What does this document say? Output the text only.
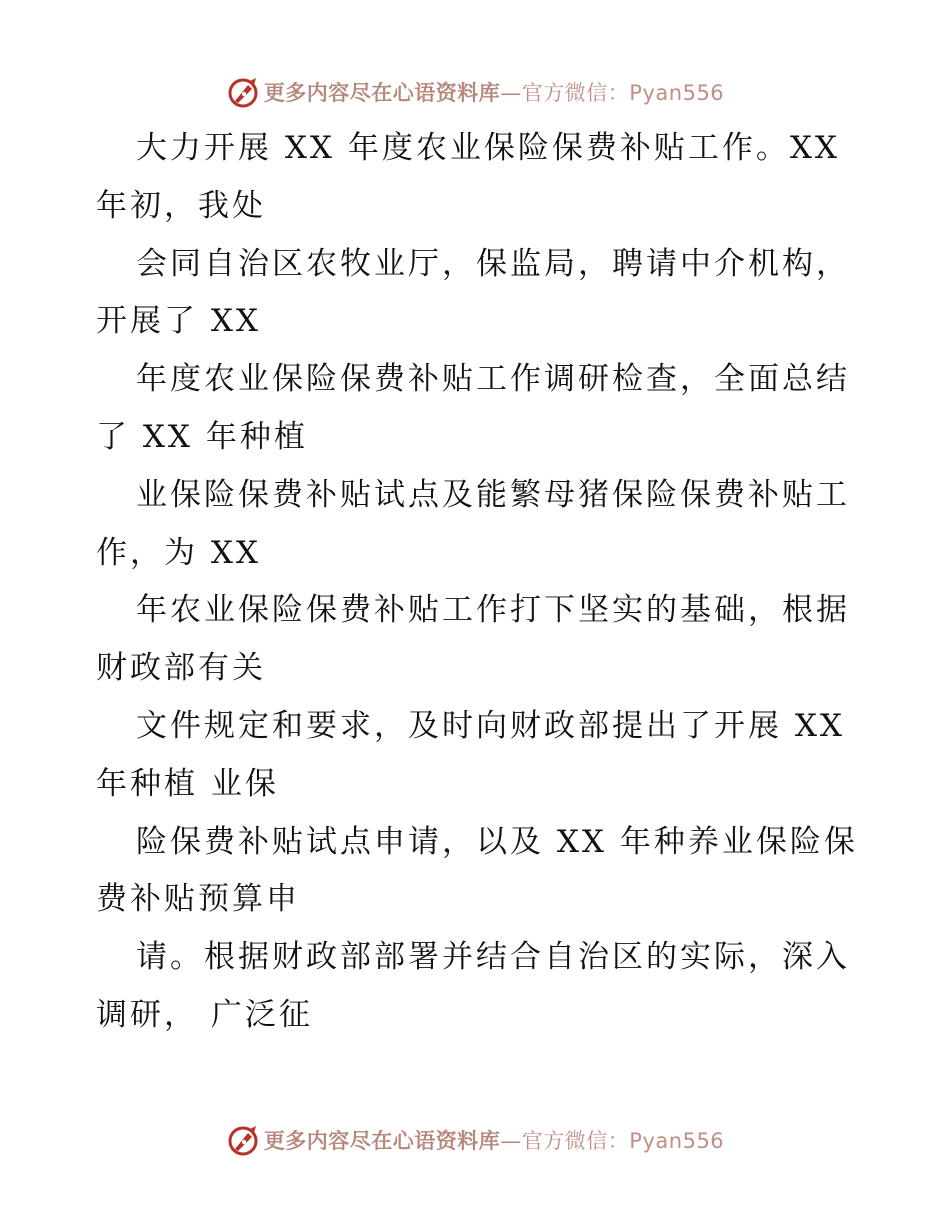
更多内容尽在心语资料库—官方微信：Pyan556
大力开展 XX 年度农业保险保费补贴工作。XX
年初，我处
会同自治区农牧业厅，保监局，聘请中介机构，
开展了 XX
年度农业保险保费补贴工作调研检查，全面总结
了 XX 年种植
业保险保费补贴试点及能繁母猪保险保费补贴工
作，为 XX
年农业保险保费补贴工作打下坚实的基础，根据
财政部有关
文件规定和要求，及时向财政部提出了开展 XX
年种植 业保
险保费补贴试点申请，以及 XX 年种养业保险保
费补贴预算申
请。根据财政部部署并结合自治区的实际，深入
调研， 广泛征
更多内容尽在心语资料库—官方微信：Pyan556
